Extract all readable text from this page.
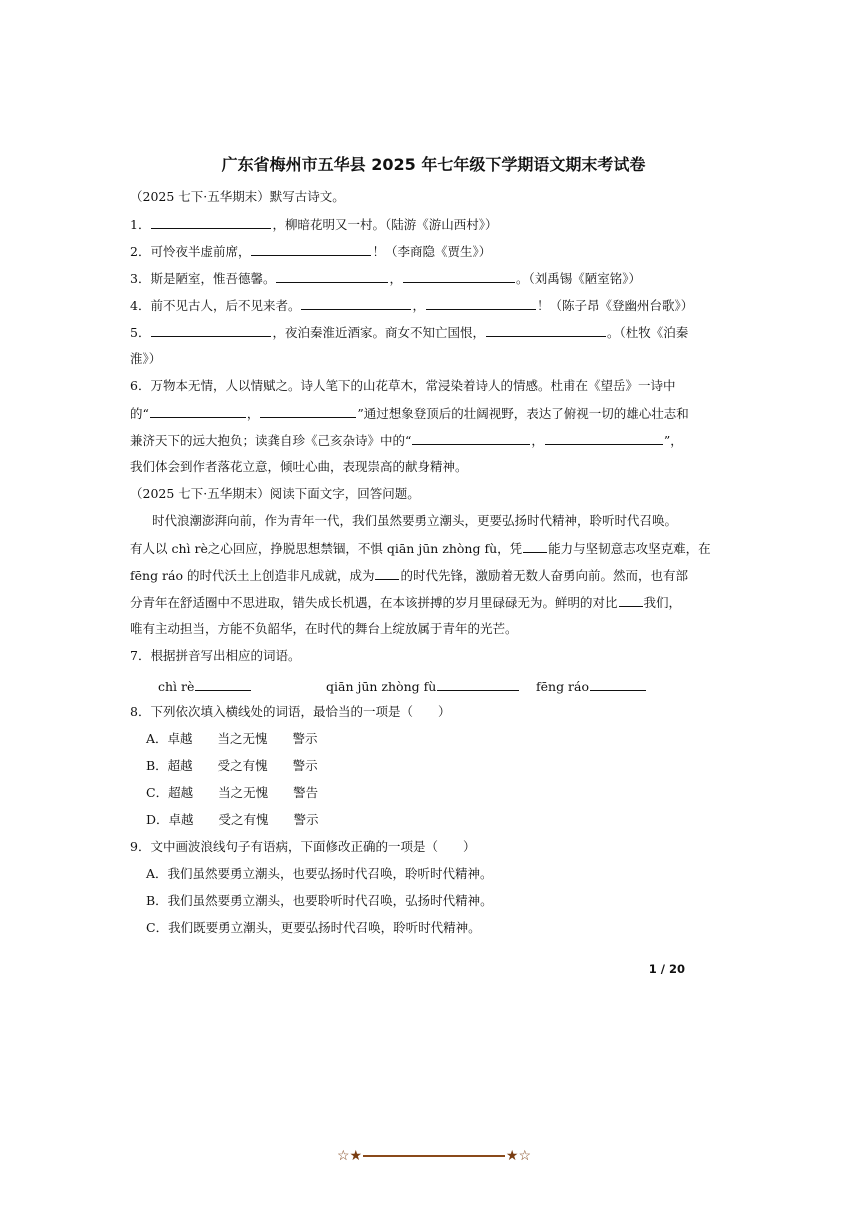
广东省梅州市五华县 2025 年七年级下学期语文期末考试卷
（2025 七下·五华期末）默写古诗文。
1．	，柳暗花明又一村。（陆游《游山西村》）
2．可怜夜半虚前席，	！（李商隐《贾生》）
3．斯是陋室，惟吾德馨。	，	。（刘禹锡《陋室铭》）
4．前不见古人，后不见来者。	，	！（陈子昂《登幽州台歌》）
5．	，夜泊秦淮近酒家。商女不知亡国恨，	。（杜牧《泊秦
淮》）
6．万物本无情，人以情赋之。诗人笔下的山花草木，常浸染着诗人的情感。杜甫在《望岳》一诗中
的“	，	”通过想象登顶后的壮阔视野，表达了俯视一切的雄心壮志和
兼济天下的远大抱负；读龚自珍《己亥杂诗》中的“	，	”，
我们体会到作者落花立意，倾吐心曲，表现崇高的献身精神。
（2025 七下·五华期末）阅读下面文字，回答问题。
时代浪潮澎湃向前，作为青年一代，我们虽然要勇立潮头，更要弘扬时代精神，聆听时代召唤。
有人以 chì rè之心回应，挣脱思想禁锢，不惧 qiān jūn zhòng fù，凭 能力与坚韧意志攻坚克难，在
fēng ráo 的时代沃土上创造非凡成就，成为 的时代先锋，激励着无数人奋勇向前。然而，也有部
分青年在舒适圈中不思进取，错失成长机遇，在本该拼搏的岁月里碌碌无为。鲜明的对比 我们，
唯有主动担当，方能不负韶华，在时代的舞台上绽放属于青年的光芒。
7．根据拼音写出相应的词语。
chì rè	qiān jūn zhòng fù	fēng ráo
8．下列依次填入横线处的词语，最恰当的一项是（　　）
A．卓越　　当之无愧　　警示
B．超越　　受之有愧　　警示
C．超越　　当之无愧　　警告
D．卓越　　受之有愧　　警示
9．文中画波浪线句子有语病，下面修改正确的一项是（　　）
A．我们虽然要勇立潮头，也要弘扬时代召唤，聆听时代精神。
B．我们虽然要勇立潮头，也要聆听时代召唤，弘扬时代精神。
C．我们既要勇立潮头，更要弘扬时代召唤，聆听时代精神。
1 / 20
☆★	★☆
